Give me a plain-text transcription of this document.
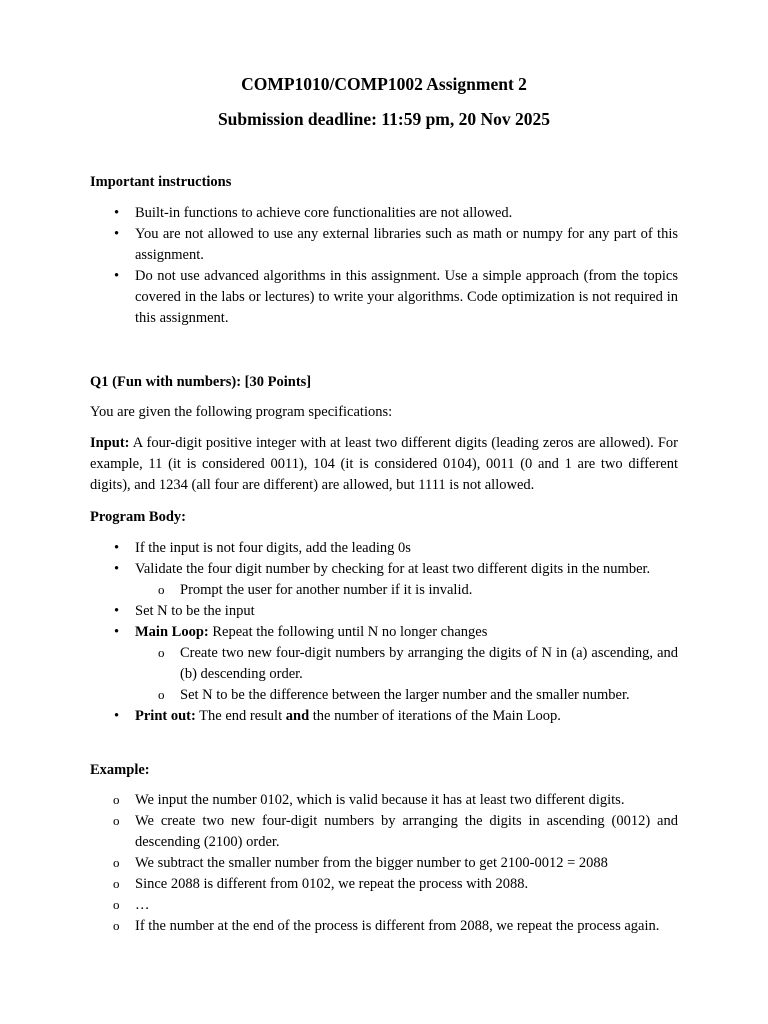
COMP1010/COMP1002 Assignment 2
Submission deadline: 11:59 pm, 20 Nov 2025
Important instructions
• Built-in functions to achieve core functionalities are not allowed.
• You are not allowed to use any external libraries such as math or numpy for any part of this assignment.
• Do not use advanced algorithms in this assignment. Use a simple approach (from the topics covered in the labs or lectures) to write your algorithms. Code optimization is not required in this assignment.
Q1 (Fun with numbers): [30 Points]
You are given the following program specifications:
Input: A four-digit positive integer with at least two different digits (leading zeros are allowed). For example, 11 (it is considered 0011), 104 (it is considered 0104), 0011 (0 and 1 are two different digits), and 1234 (all four are different) are allowed, but 1111 is not allowed.
Program Body:
• If the input is not four digits, add the leading 0s
• Validate the four digit number by checking for at least two different digits in the number.
o Prompt the user for another number if it is invalid.
• Set N to be the input
• Main Loop: Repeat the following until N no longer changes
o Create two new four-digit numbers by arranging the digits of N in (a) ascending, and (b) descending order.
o Set N to be the difference between the larger number and the smaller number.
• Print out: The end result and the number of iterations of the Main Loop.
Example:
o We input the number 0102, which is valid because it has at least two different digits.
o We create two new four-digit numbers by arranging the digits in ascending (0012) and descending (2100) order.
o We subtract the smaller number from the bigger number to get 2100-0012 = 2088
o Since 2088 is different from 0102, we repeat the process with 2088.
o …
o If the number at the end of the process is different from 2088, we repeat the process again.
